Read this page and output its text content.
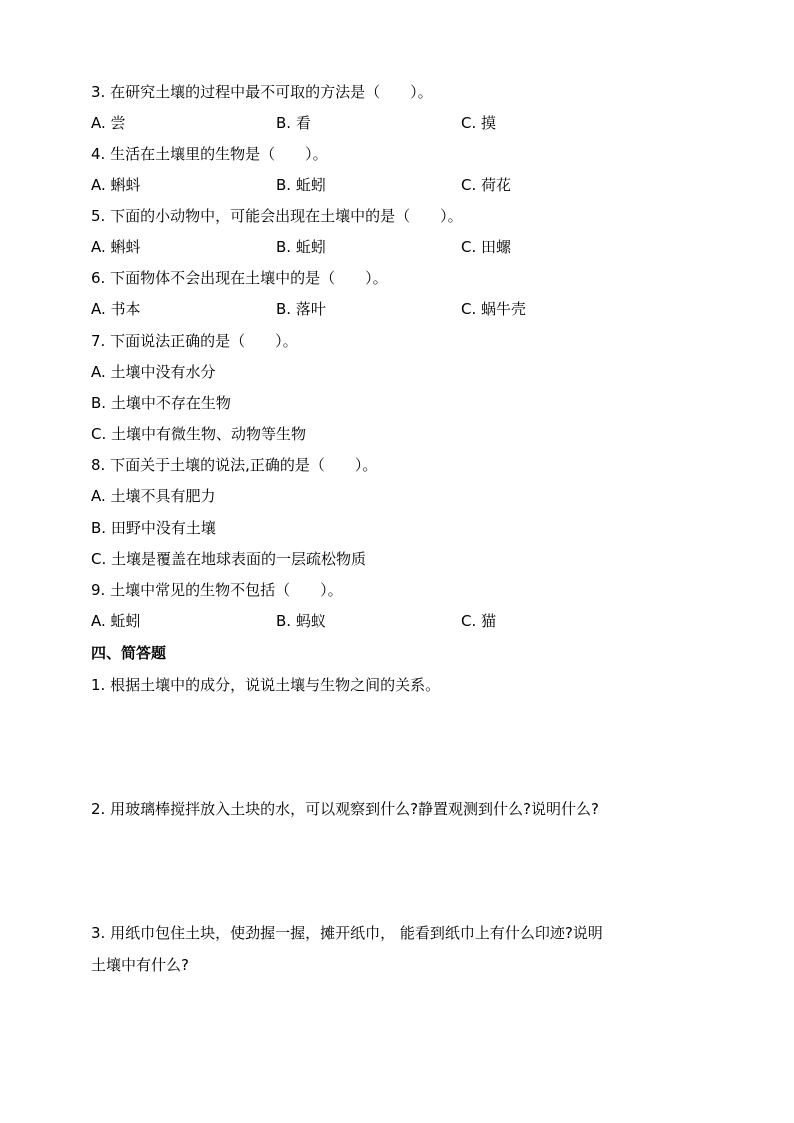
3. 在研究土壤的过程中最不可取的方法是（　　）。
A. 尝	B. 看	C. 摸
4. 生活在土壤里的生物是（　　）。
A. 蝌蚪	B. 蚯蚓	C. 荷花
5. 下面的小动物中，可能会出现在土壤中的是（　　）。
A. 蝌蚪	B. 蚯蚓	C. 田螺
6. 下面物体不会出现在土壤中的是（　　）。
A. 书本	B. 落叶	C. 蜗牛壳
7. 下面说法正确的是（　　）。
A. 土壤中没有水分
B. 土壤中不存在生物
C. 土壤中有微生物、动物等生物
8. 下面关于土壤的说法,正确的是（　　）。
A. 土壤不具有肥力
B. 田野中没有土壤
C. 土壤是覆盖在地球表面的一层疏松物质
9. 土壤中常见的生物不包括（　　）。
A. 蚯蚓	B. 蚂蚁	C. 猫
四、简答题
1. 根据土壤中的成分，说说土壤与生物之间的关系。
2. 用玻璃棒搅拌放入土块的水，可以观察到什么?静置观测到什么?说明什么?
3. 用纸巾包住土块，使劲握一握，摊开纸巾， 能看到纸巾上有什么印迹?说明
土壤中有什么?
